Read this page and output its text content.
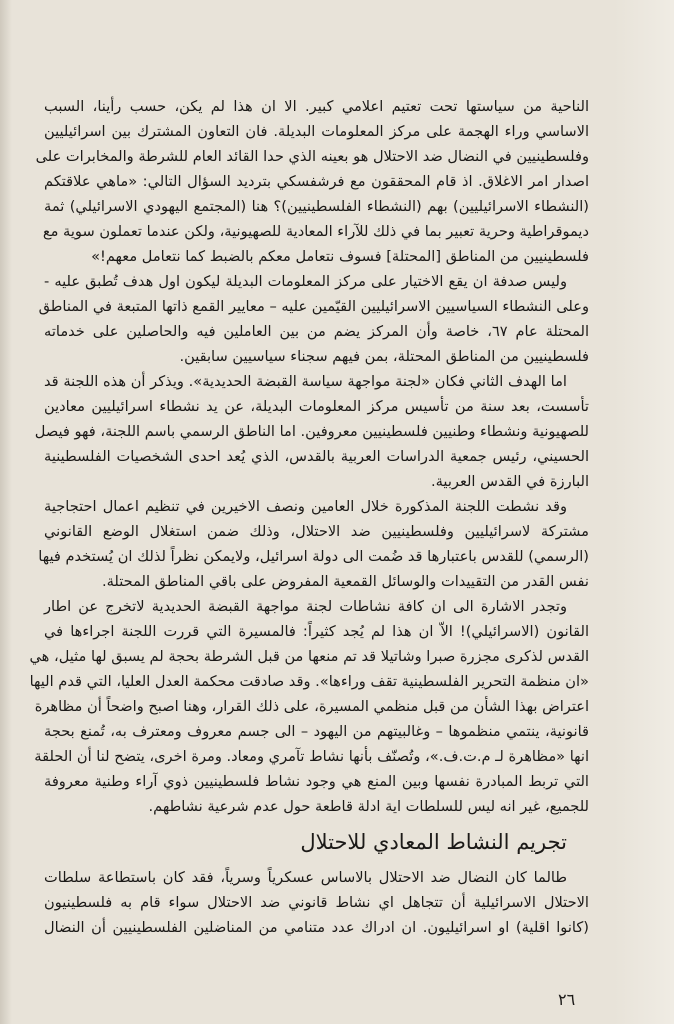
الناحية من سياستها تحت تعتيم اعلامي كبير. الا ان هذا لم يكن، حسب رأينا، السبب
الاساسي وراء الهجمة على مركز المعلومات البديلة. فان التعاون المشترك بين اسرائيليين
وفلسطينيين في النضال ضد الاحتلال هو بعينه الذي حدا القائد العام للشرطة والمخابرات على
اصدار امر الاغلاق. اذ قام المحققون مع فرشفسكي بترديد السؤال التالي: «ماهي علاقتكم
(النشطاء الاسرائيليين) بهم (النشطاء الفلسطينيين)؟ هنا (المجتمع اليهودي الاسرائيلي) ثمة
ديموقراطية وحرية تعبير بما في ذلك للآراء المعادية للصهيونية، ولكن عندما تعملون سوية مع
فلسطينيين من المناطق [المحتلة] فسوف نتعامل معكم بالضبط كما نتعامل معهم!»
وليس صدفة ان يقع الاختيار على مركز المعلومات البديلة ليكون اول هدف تُطبق عليه -
وعلى النشطاء السياسيين الاسرائيليين القيّمين عليه – معايير القمع ذاتها المتبعة في المناطق
المحتلة عام ٦٧، خاصة وأن المركز يضم من بين العاملين فيه والحاصلين على خدماته
فلسطينيين من المناطق المحتلة، بمن فيهم سجناء سياسيين سابقين.
اما الهدف الثاني فكان «لجنة مواجهة سياسة القبضة الحديدية». ويذكر أن هذه اللجنة قد
تأسست، بعد سنة من تأسيس مركز المعلومات البديلة، عن يد نشطاء اسرائيليين معادين
للصهيونية ونشطاء وطنيين فلسطينيين معروفين. اما الناطق الرسمي باسم اللجنة، فهو فيصل
الحسيني، رئيس جمعية الدراسات العربية بالقدس، الذي يُعد احدى الشخصيات الفلسطينية
البارزة في القدس العربية.
وقد نشطت اللجنة المذكورة خلال العامين ونصف الاخيرين في تنظيم اعمال احتجاجية
مشتركة لاسرائيليين وفلسطينيين ضد الاحتلال، وذلك ضمن استغلال الوضع القانوني
(الرسمي) للقدس باعتبارها قد ضُمت الى دولة اسرائيل، ولايمكن نظراً لذلك ان يُستخدم فيها
نفس القدر من التقييدات والوسائل القمعية المفروض على باقي المناطق المحتلة.
وتجدر الاشارة الى ان كافة نشاطات لجنة مواجهة القبضة الحديدية لاتخرج عن اطار
القانون (الاسرائيلي)! الاّ ان هذا لم يُجد كثيراً: فالمسيرة التي قررت اللجنة اجراءها في
القدس لذكرى مجزرة صبرا وشاتيلا قد تم منعها من قبل الشرطة بحجة لم يسبق لها مثيل، هي
«ان منظمة التحرير الفلسطينية تقف وراءها». وقد صادقت محكمة العدل العليا، التي قدم اليها
اعتراض بهذا الشأن من قبل منظمي المسيرة، على ذلك القرار، وهنا اصبح واضحاً أن مظاهرة
قانونية، ينتمي منظموها – وغالبيتهم من اليهود – الى جسم معروف ومعترف به، تُمنع بحجة
انها «مظاهرة لـ م.ت.ف.»، وتُصنّف بأنها نشاط تآمري ومعاد. ومرة اخرى، يتضح لنا أن الحلقة
التي تربط المبادرة نفسها وبين المنع هي وجود نشاط فلسطينيين ذوي آراء وطنية معروفة
للجميع، غير انه ليس للسلطات اية ادلة قاطعة حول عدم شرعية نشاطهم.
تجريم النشاط المعادي للاحتلال
طالما كان النضال ضد الاحتلال بالاساس عسكرياً وسرياً، فقد كان باستطاعة سلطات
الاحتلال الاسرائيلية أن تتجاهل اي نشاط قانوني ضد الاحتلال سواء قام به فلسطينيون
(كانوا اقلية) او اسرائيليون. ان ادراك عدد متنامي من المناضلين الفلسطينيين أن النضال
٢٦
